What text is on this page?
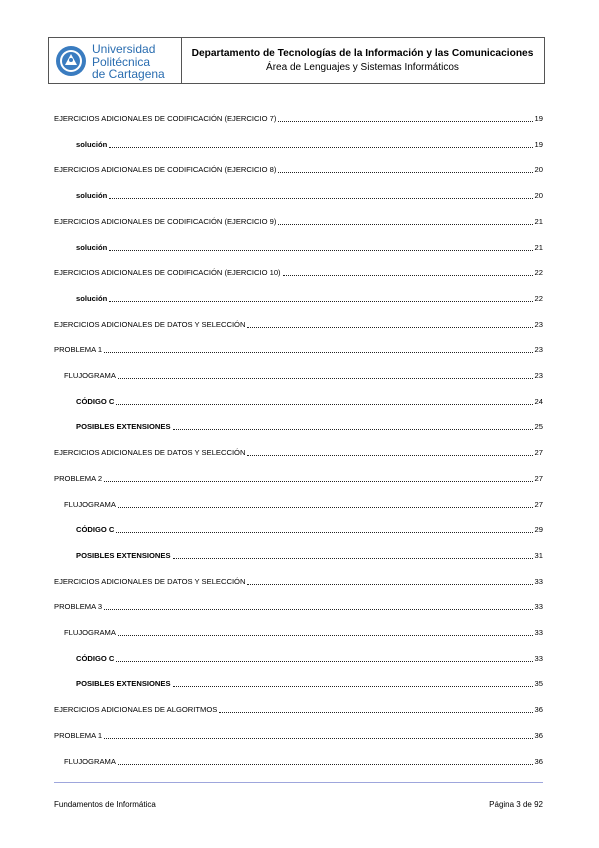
Universidad
Politécnica
de Cartagena
Departamento de Tecnologías de la Información y las Comunicaciones
Área de Lenguajes y Sistemas Informáticos
EJERCICIOS ADICIONALES DE CODIFICACIÓN (EJERCICIO 7)	19
solución	19
EJERCICIOS ADICIONALES DE CODIFICACIÓN (EJERCICIO 8)	20
solución	20
EJERCICIOS ADICIONALES DE CODIFICACIÓN (EJERCICIO 9)	21
solución	21
EJERCICIOS ADICIONALES DE CODIFICACIÓN (EJERCICIO 10)	22
solución	22
EJERCICIOS ADICIONALES DE DATOS Y SELECCIÓN	23
PROBLEMA 1	23
FLUJOGRAMA	23
CÓDIGO C	24
POSIBLES EXTENSIONES	25
EJERCICIOS ADICIONALES DE DATOS Y SELECCIÓN	27
PROBLEMA 2	27
FLUJOGRAMA	27
CÓDIGO C	29
POSIBLES EXTENSIONES	31
EJERCICIOS ADICIONALES DE DATOS Y SELECCIÓN	33
PROBLEMA 3	33
FLUJOGRAMA	33
CÓDIGO C	33
POSIBLES EXTENSIONES	35
EJERCICIOS ADICIONALES DE ALGORITMOS	36
PROBLEMA 1	36
FLUJOGRAMA	36
Fundamentos de Informática	Página 3 de 92
